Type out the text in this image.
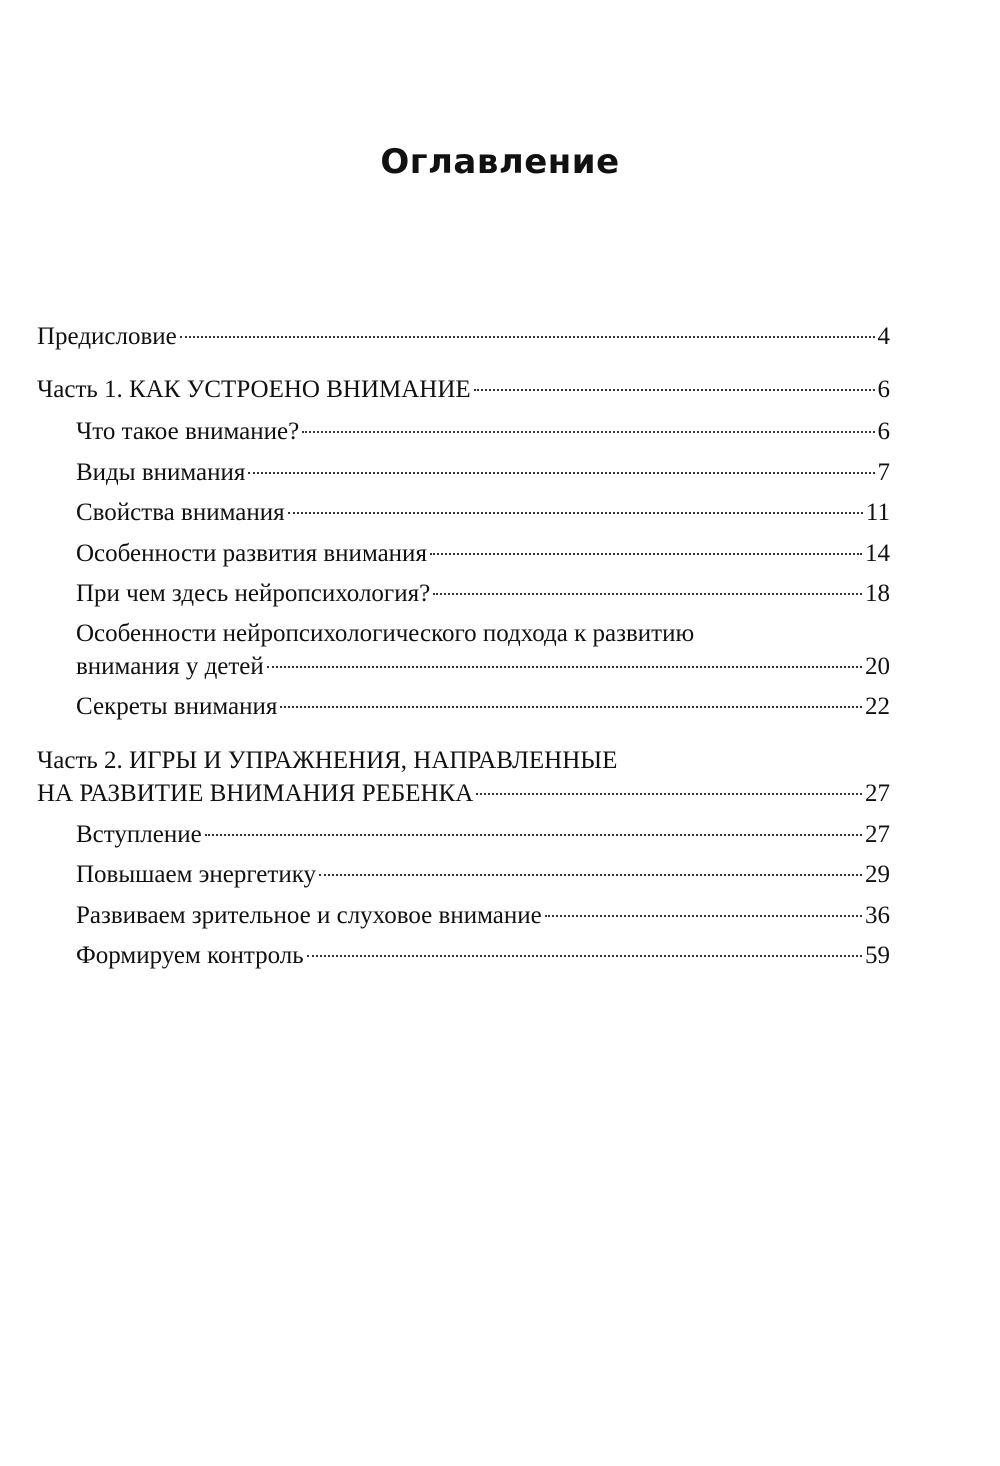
Оглавление
Предисловие	4
Часть 1. КАК УСТРОЕНО ВНИМАНИЕ	6
Что такое внимание?	6
Виды внимания	7
Свойства внимания	11
Особенности развития внимания	14
При чем здесь нейропсихология?	18
Особенности нейропсихологического подхода к развитию
внимания у детей	20
Секреты внимания	22
Часть 2. ИГРЫ И УПРАЖНЕНИЯ, НАПРАВЛЕННЫЕ
НА РАЗВИТИЕ ВНИМАНИЯ РЕБЕНКА	27
Вступление	27
Повышаем энергетику	29
Развиваем зрительное и слуховое внимание	36
Формируем контроль	59
